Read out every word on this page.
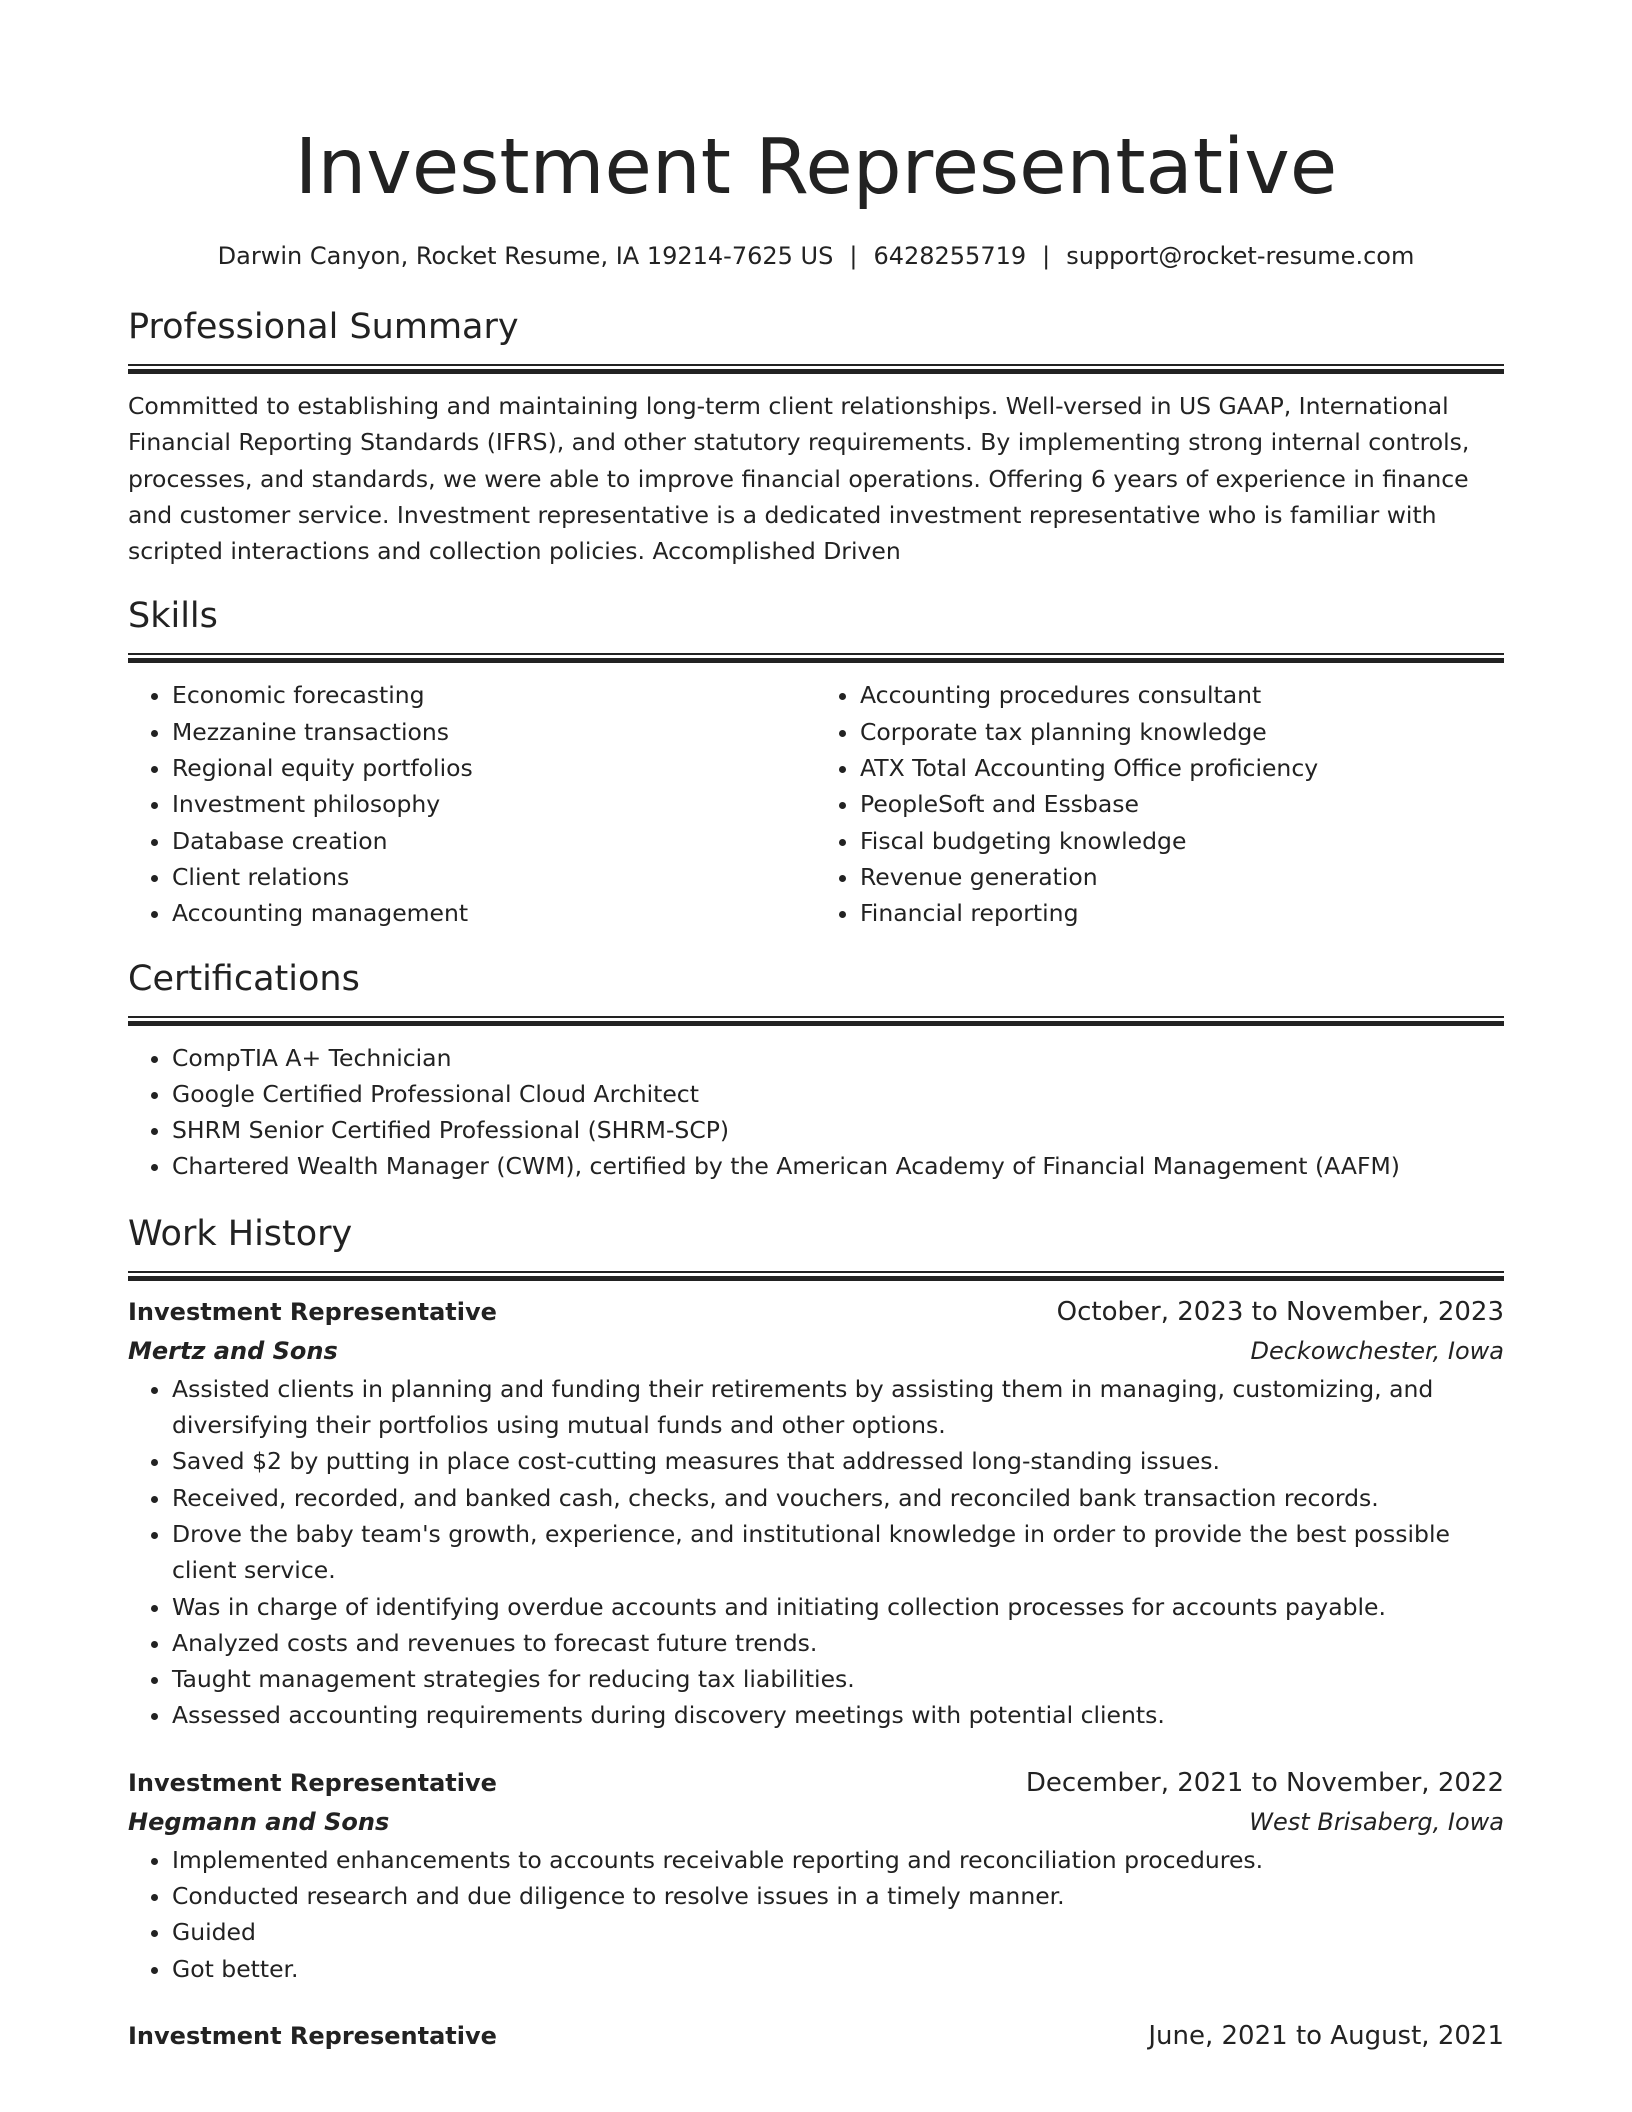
Investment Representative
Darwin Canyon, Rocket Resume, IA 19214-7625 US | 6428255719 | support@rocket-resume.com
Professional Summary
Committed to establishing and maintaining long-term client relationships. Well-versed in US GAAP, International Financial Reporting Standards (IFRS), and other statutory requirements. By implementing strong internal controls, processes, and standards, we were able to improve financial operations. Offering 6 years of experience in finance and customer service. Investment representative is a dedicated investment representative who is familiar with scripted interactions and collection policies. Accomplished Driven
Skills
• Economic forecasting
• Mezzanine transactions
• Regional equity portfolios
• Investment philosophy
• Database creation
• Client relations
• Accounting management
• Accounting procedures consultant
• Corporate tax planning knowledge
• ATX Total Accounting Office proficiency
• PeopleSoft and Essbase
• Fiscal budgeting knowledge
• Revenue generation
• Financial reporting
Certifications
• CompTIA A+ Technician
• Google Certified Professional Cloud Architect
• SHRM Senior Certified Professional (SHRM-SCP)
• Chartered Wealth Manager (CWM), certified by the American Academy of Financial Management (AAFM)
Work History
Investment Representative	October, 2023 to November, 2023
Mertz and Sons	Deckowchester, Iowa
• Assisted clients in planning and funding their retirements by assisting them in managing, customizing, and diversifying their portfolios using mutual funds and other options.
• Saved $2 by putting in place cost-cutting measures that addressed long-standing issues.
• Received, recorded, and banked cash, checks, and vouchers, and reconciled bank transaction records.
• Drove the baby team's growth, experience, and institutional knowledge in order to provide the best possible client service.
• Was in charge of identifying overdue accounts and initiating collection processes for accounts payable.
• Analyzed costs and revenues to forecast future trends.
• Taught management strategies for reducing tax liabilities.
• Assessed accounting requirements during discovery meetings with potential clients.
Investment Representative	December, 2021 to November, 2022
Hegmann and Sons	West Brisaberg, Iowa
• Implemented enhancements to accounts receivable reporting and reconciliation procedures.
• Conducted research and due diligence to resolve issues in a timely manner.
• Guided
• Got better.
Investment Representative	June, 2021 to August, 2021
